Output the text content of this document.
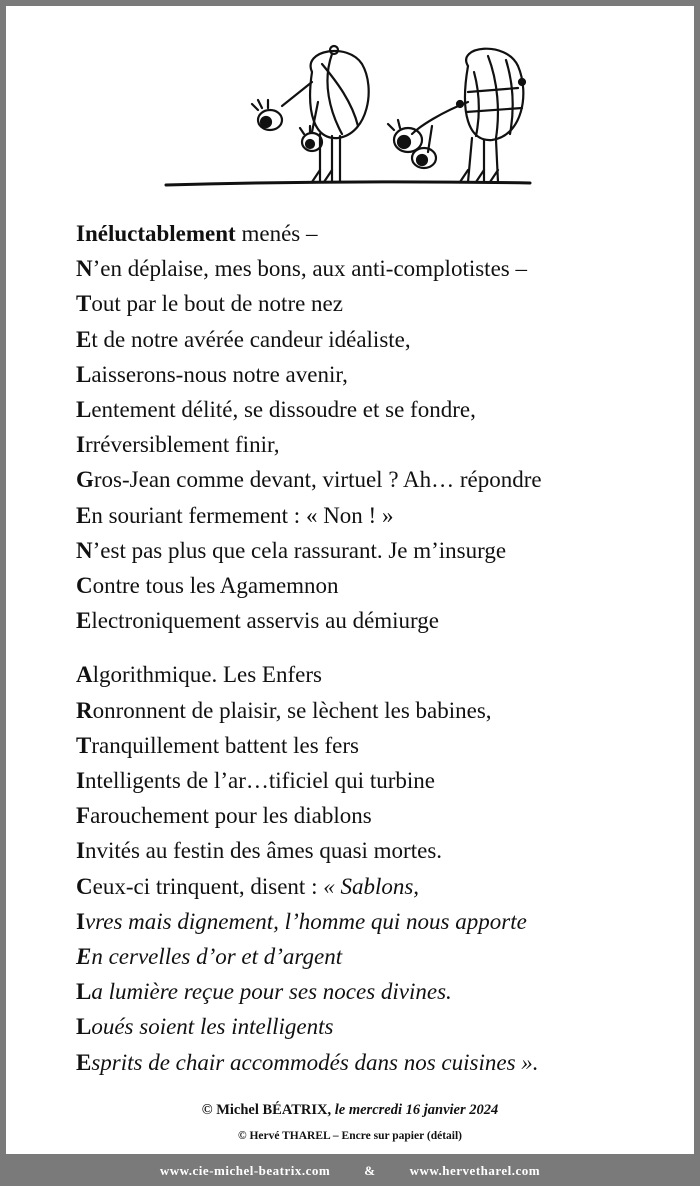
Inéluctablement menés –
N’en déplaise, mes bons, aux anti-complotistes –
Tout par le bout de notre nez
Et de notre avérée candeur idéaliste,
Laisserons-nous notre avenir,
Lentement délité, se dissoudre et se fondre,
Irréversiblement finir,
Gros-Jean comme devant, virtuel ? Ah… répondre
En souriant fermement : « Non ! »
N’est pas plus que cela rassurant. Je m’insurge
Contre tous les Agamemnon
Electroniquement asservis au démiurge
Algorithmique. Les Enfers
Ronronnent de plaisir, se lèchent les babines,
Tranquillement battent les fers
Intelligents de l’ar…tificiel qui turbine
Farouchement pour les diablons
Invités au festin des âmes quasi mortes.
Ceux-ci trinquent, disent : « Sablons,
Ivres mais dignement, l’homme qui nous apporte
En cervelles d’or et d’argent
La lumière reçue pour ses noces divines.
Loués soient les intelligents
Esprits de chair accommodés dans nos cuisines ».
© Michel BÉATRIX, le mercredi 16 janvier 2024
© Hervé THAREL – Encre sur papier (détail)
www.cie-michel-beatrix.com	&	www.hervetharel.com
